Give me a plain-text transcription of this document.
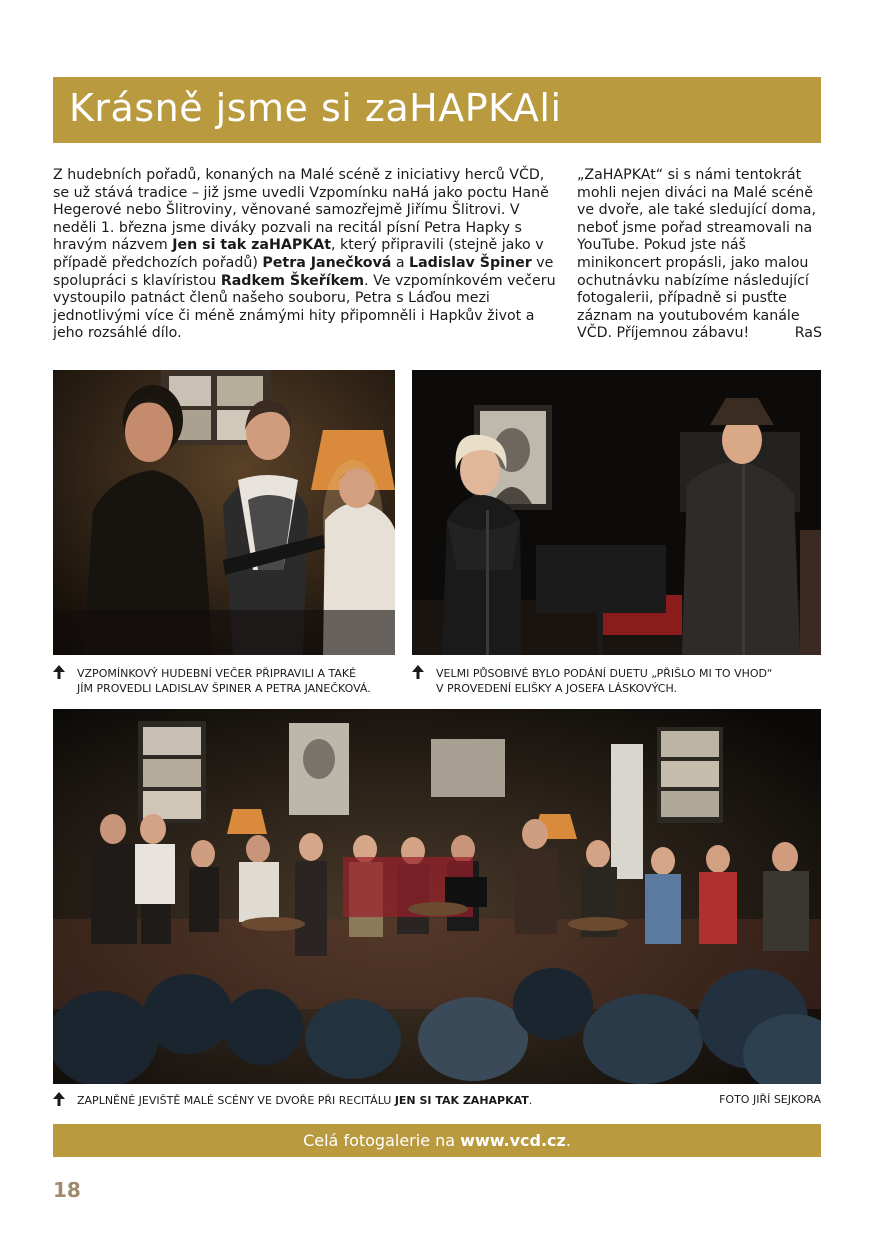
Krásně jsme si zaHAPKAli

Z hudebních pořadů, konaných na Malé scéně z iniciativy herců VČD, se už stává tradice – již jsme uvedli Vzpomínku naHá jako poctu Haně Hegerové nebo Šlitroviny, věnované samozřejmě Jiřímu Šlitrovi. V neděli 1. března jsme diváky pozvali na recitál písní Petra Hapky s hravým názvem Jen si tak zaHAPKAt, který připravili (stejně jako v případě předchozích pořadů) Petra Janečková a Ladislav Špiner ve spolupráci s klavíristou Radkem Škeříkem. Ve vzpomínkovém večeru vystoupilo patnáct členů našeho souboru, Petra s Láďou mezi jednotlivými více či méně známými hity připomněli i Hapkův život a jeho rozsáhlé dílo.

„ZaHAPKAt“ si s námi tentokrát mohli nejen diváci na Malé scéně ve dvoře, ale také sledující doma, neboť jsme pořad streamovali na YouTube. Pokud jste náš minikoncert propásli, jako malou ochutnávku nabízíme následující fotogalerii, případně si pusťte záznam na youtubovém kanále VČD. Příjemnou zábavu!	RaS

VZPOMÍNKOVÝ HUDEBNÍ VEČER PŘIPRAVILI A TAKÉ
JÍM PROVEDLI LADISLAV ŠPINER A PETRA JANEČKOVÁ.
VELMI PŮSOBIVÉ BYLO PODÁNÍ DUETU „PŘIŠLO MI TO VHOD“
V PROVEDENÍ ELIŠKY A JOSEFA LÁSKOVÝCH.
ZAPLNĚNÉ JEVIŠTĚ MALÉ SCÉNY VE DVOŘE PŘI RECITÁLU JEN SI TAK ZAHAPKAT.	FOTO JIŘÍ SEJKORA
Celá fotogalerie na www.vcd.cz.
18
